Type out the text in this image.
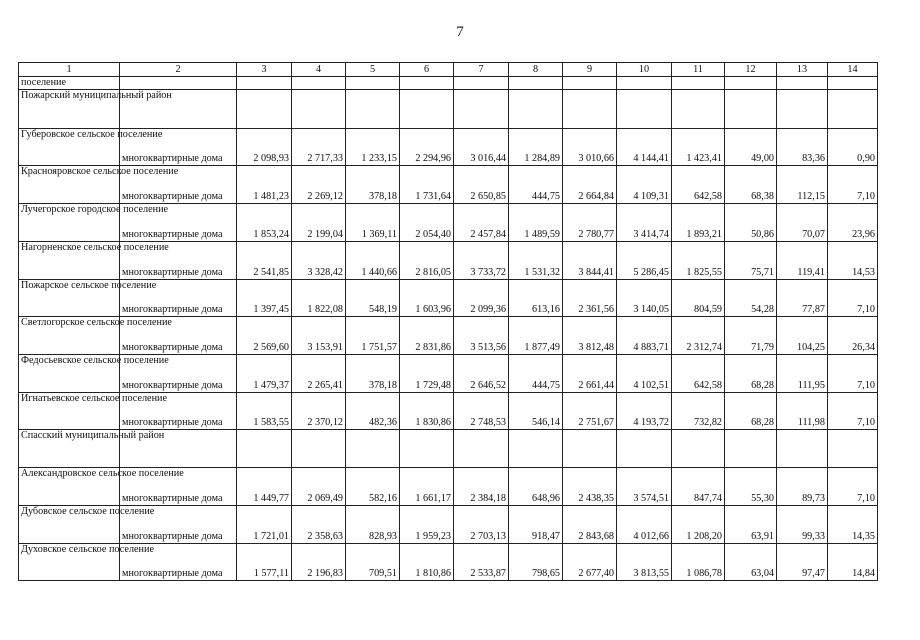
7
1	2	3	4	5	6	7	8	9	10	11	12	13	14
поселение													
Пожарский муниципальный район													
Губеровское сельское поселение	многоквартирные дома	2 098,93	2 717,33	1 233,15	2 294,96	3 016,44	1 284,89	3 010,66	4 144,41	1 423,41	49,00	83,36	0,90
Краснояровское сельское поселение	многоквартирные дома	1 481,23	2 269,12	378,18	1 731,64	2 650,85	444,75	2 664,84	4 109,31	642,58	68,38	112,15	7,10
Лучегорское городское поселение	многоквартирные дома	1 853,24	2 199,04	1 369,11	2 054,40	2 457,84	1 489,59	2 780,77	3 414,74	1 893,21	50,86	70,07	23,96
Нагорненское сельское поселение	многоквартирные дома	2 541,85	3 328,42	1 440,66	2 816,05	3 733,72	1 531,32	3 844,41	5 286,45	1 825,55	75,71	119,41	14,53
Пожарское сельское поселение	многоквартирные дома	1 397,45	1 822,08	548,19	1 603,96	2 099,36	613,16	2 361,56	3 140,05	804,59	54,28	77,87	7,10
Светлогорское сельское поселение	многоквартирные дома	2 569,60	3 153,91	1 751,57	2 831,86	3 513,56	1 877,49	3 812,48	4 883,71	2 312,74	71,79	104,25	26,34
Федосьевское сельское поселение	многоквартирные дома	1 479,37	2 265,41	378,18	1 729,48	2 646,52	444,75	2 661,44	4 102,51	642,58	68,28	111,95	7,10
Игнатьевское сельское поселение	многоквартирные дома	1 583,55	2 370,12	482,36	1 830,86	2 748,53	546,14	2 751,67	4 193,72	732,82	68,28	111,98	7,10
Спасский муниципальный район													
Александровское сельское поселение	многоквартирные дома	1 449,77	2 069,49	582,16	1 661,17	2 384,18	648,96	2 438,35	3 574,51	847,74	55,30	89,73	7,10
Дубовское сельское поселение	многоквартирные дома	1 721,01	2 358,63	828,93	1 959,23	2 703,13	918,47	2 843,68	4 012,66	1 208,20	63,91	99,33	14,35
Духовское сельское поселение	многоквартирные дома	1 577,11	2 196,83	709,51	1 810,86	2 533,87	798,65	2 677,40	3 813,55	1 086,78	63,04	97,47	14,84
